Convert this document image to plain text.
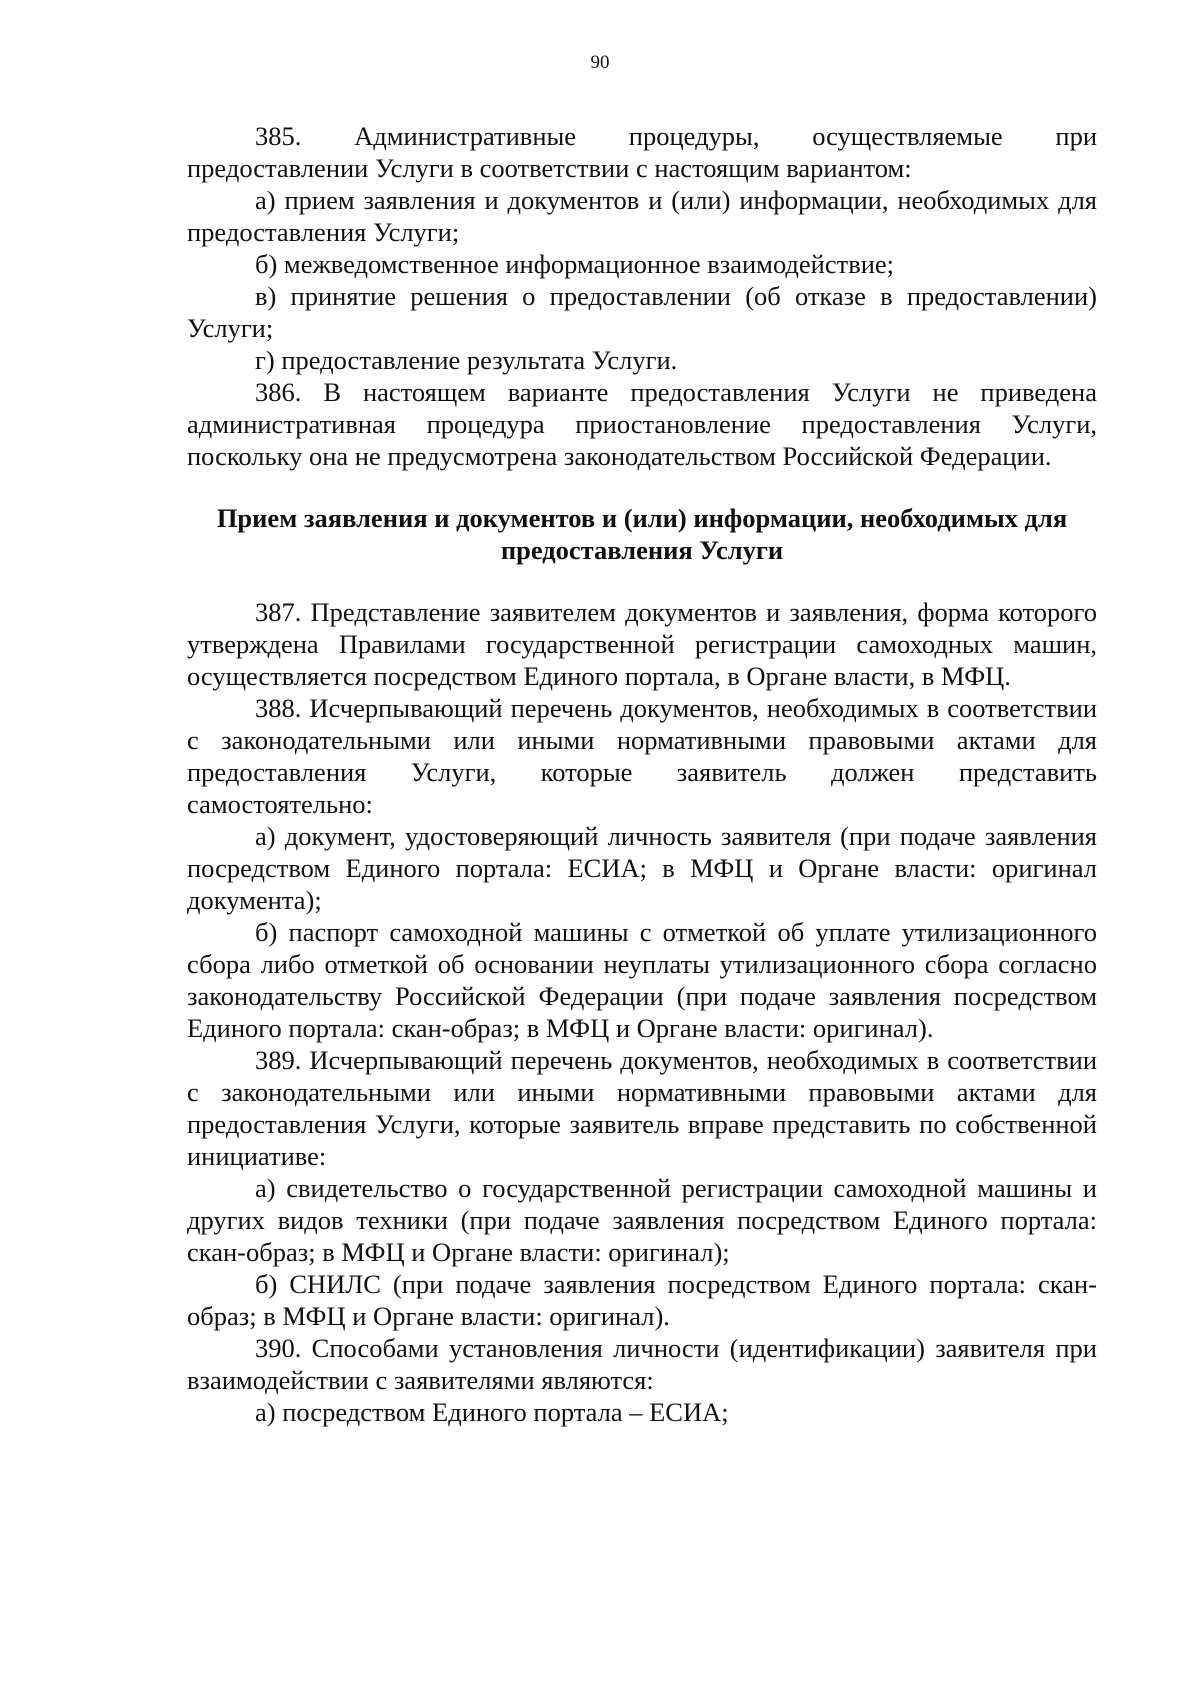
90

385. Административные процедуры, осуществляемые при предоставлении Услуги в соответствии с настоящим вариантом:

а) прием заявления и документов и (или) информации, необходимых для предоставления Услуги;

б) межведомственное информационное взаимодействие;

в) принятие решения о предоставлении (об отказе в предоставлении) Услуги;

г) предоставление результата Услуги.

386. В настоящем варианте предоставления Услуги не приведена административная процедура приостановление предоставления Услуги, поскольку она не предусмотрена законодательством Российской Федерации.

Прием заявления и документов и (или) информации, необходимых для предоставления Услуги

387. Представление заявителем документов и заявления, форма которого утверждена Правилами государственной регистрации самоходных машин, осуществляется посредством Единого портала, в Органе власти, в МФЦ.

388. Исчерпывающий перечень документов, необходимых в соответствии с законодательными или иными нормативными правовыми актами для предоставления Услуги, которые заявитель должен представить самостоятельно:

а) документ, удостоверяющий личность заявителя (при подаче заявления посредством Единого портала: ЕСИА; в МФЦ и Органе власти: оригинал документа);

б) паспорт самоходной машины с отметкой об уплате утилизационного сбора либо отметкой об основании неуплаты утилизационного сбора согласно законодательству Российской Федерации (при подаче заявления посредством Единого портала: скан-образ; в МФЦ и Органе власти: оригинал).

389. Исчерпывающий перечень документов, необходимых в соответствии с законодательными или иными нормативными правовыми актами для предоставления Услуги, которые заявитель вправе представить по собственной инициативе:

а) свидетельство о государственной регистрации самоходной машины и других видов техники (при подаче заявления посредством Единого портала: скан-образ; в МФЦ и Органе власти: оригинал);

б) СНИЛС (при подаче заявления посредством Единого портала: скан-образ; в МФЦ и Органе власти: оригинал).

390. Способами установления личности (идентификации) заявителя при взаимодействии с заявителями являются:

а) посредством Единого портала – ЕСИА;
